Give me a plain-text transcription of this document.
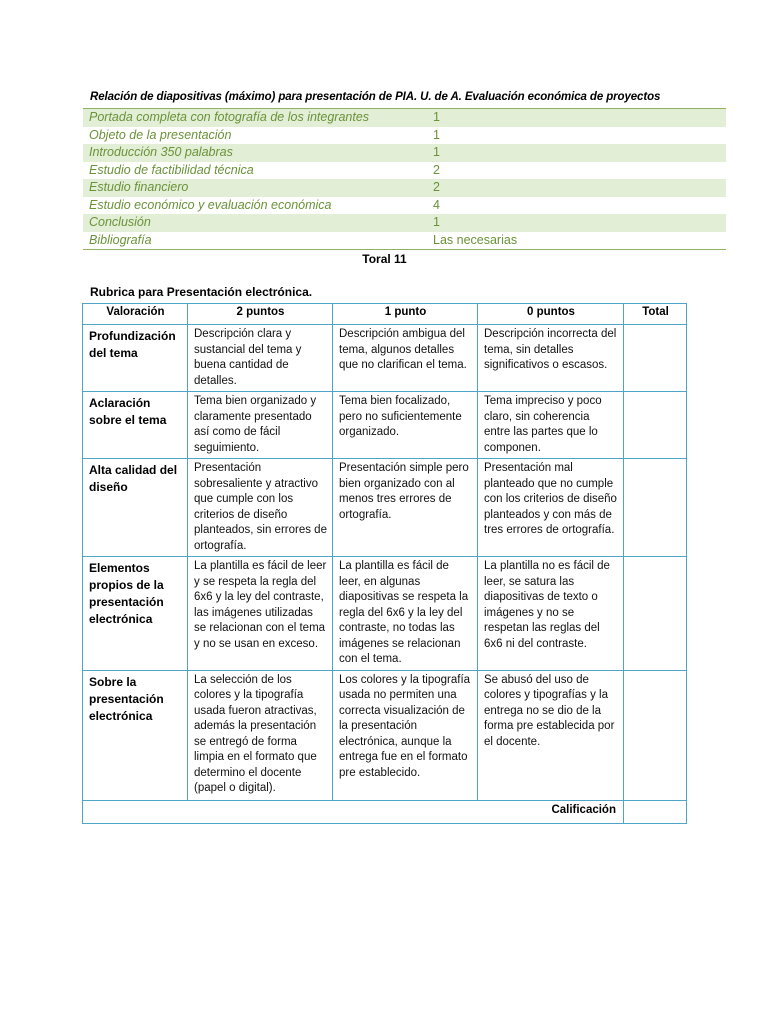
Relación de diapositivas (máximo) para presentación de PIA. U. de A. Evaluación económica de proyectos
Portada completa con fotografía de los integrantes	1
Objeto de la presentación	1
Introducción 350 palabras	1
Estudio de factibilidad técnica	2
Estudio financiero	2
Estudio económico y evaluación económica	4
Conclusión	1
Bibliografía	Las necesarias
Toral 11
Rubrica para Presentación electrónica.
Valoración	2 puntos	1 punto	0 puntos	Total
Profundización del tema	Descripción clara y sustancial del tema y buena cantidad de detalles.	Descripción ambigua del tema, algunos detalles que no clarifican el tema.	Descripción incorrecta del tema, sin detalles significativos o escasos.	
Aclaración sobre el tema	Tema bien organizado y claramente presentado así como de fácil seguimiento.	Tema bien focalizado, pero no suficientemente organizado.	Tema impreciso y poco claro, sin coherencia entre las partes que lo componen.	
Alta calidad del diseño	Presentación sobresaliente y atractivo que cumple con los criterios de diseño planteados, sin errores de ortografía.	Presentación simple pero bien organizado con al menos tres errores de ortografía.	Presentación mal planteado que no cumple con los criterios de diseño planteados y con más de tres errores de ortografía.	
Elementos propios de la presentación electrónica	La plantilla es fácil de leer y se respeta la regla del 6x6 y la ley del contraste, las imágenes utilizadas se relacionan con el tema y no se usan en exceso.	La plantilla es fácil de leer, en algunas diapositivas se respeta la regla del 6x6 y la ley del contraste, no todas las imágenes se relacionan con el tema.	La plantilla no es fácil de leer, se satura las diapositivas de texto o imágenes y no se respetan las reglas del 6x6 ni del contraste.	
Sobre la presentación electrónica	La selección de los colores y la tipografía usada fueron atractivas, además la presentación se entregó de forma limpia en el formato que determino el docente (papel o digital).	Los colores y la tipografía usada no permiten una correcta visualización de la presentación electrónica, aunque la entrega fue en el formato pre establecido.	Se abusó del uso de colores y tipografías y la entrega no se dio de la forma pre establecida por el docente.	
Calificación				
